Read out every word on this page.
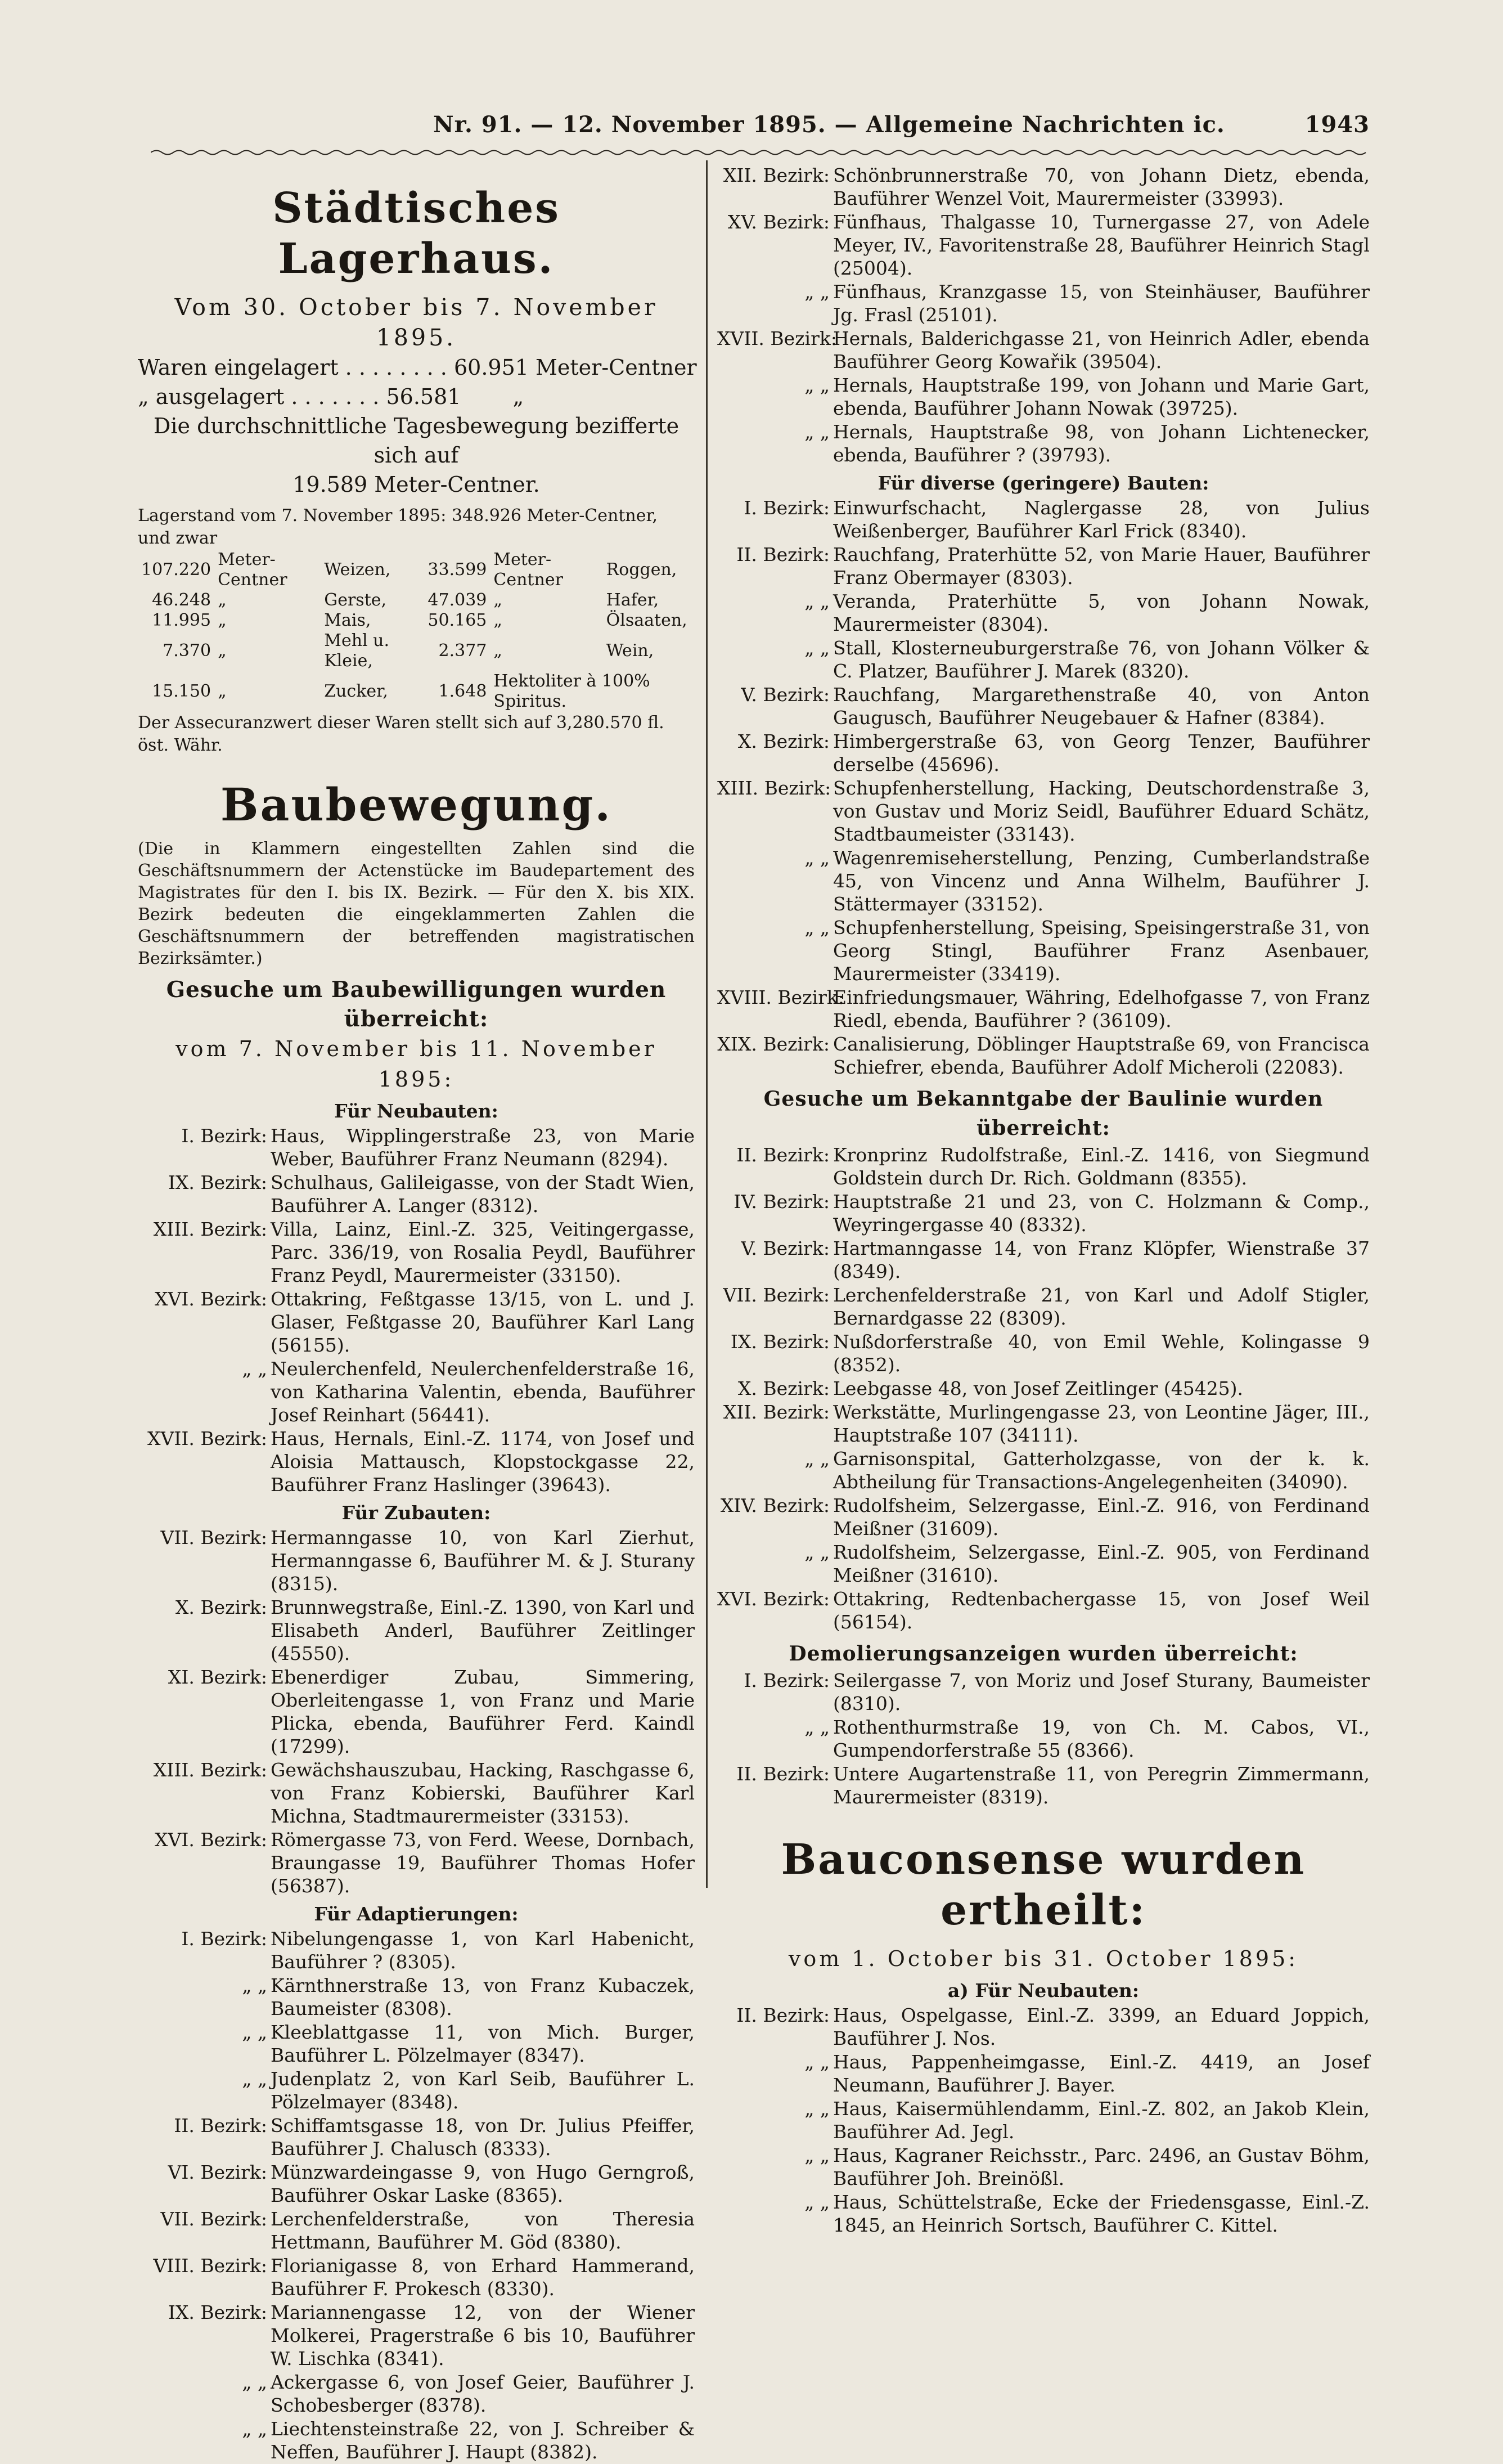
Nr. 91. — 12. November 1895. — Allgemeine Nachrichten ic.	1943
Städtisches Lagerhaus.
Vom 30. October bis 7. November 1895.
Waren eingelagert . . . . . . . . 60.951 Meter-Centner
„ ausgelagert . . . . . . . 56.581 „
Die durchschnittliche Tagesbewegung bezifferte sich auf
19.589 Meter-Centner.
Lagerstand vom 7. November 1895: 348.926 Meter-Centner, und zwar
107.220	Meter-Centner	Weizen,	33.599	Meter-Centner	Roggen,
46.248	„	Gerste,	47.039	„	Hafer,
11.995	„	Mais,	50.165	„	Ölsaaten,
7.370	„	Mehl u. Kleie,	2.377	„	Wein,
15.150	„	Zucker,	1.648	Hektoliter à 100% Spiritus.	
Der Assecuranzwert dieser Waren stellt sich auf 3,280.570 fl. öst. Währ.
Baubewegung.
(Die in Klammern eingestellten Zahlen sind die Geschäftsnummern der Actenstücke im Baudepartement des Magistrates für den I. bis IX. Bezirk. — Für den X. bis XIX. Bezirk bedeuten die eingeklammerten Zahlen die Geschäftsnummern der betreffenden magistratischen Bezirksämter.)
Gesuche um Baubewilligungen wurden überreicht:
vom 7. November bis 11. November 1895:
Für Neubauten:
I. Bezirk: Haus, Wipplingerstraße 23, von Marie Weber, Bauführer Franz Neumann (8294).
IX. Bezirk: Schulhaus, Galileigasse, von der Stadt Wien, Bauführer A. Langer (8312).
XIII. Bezirk: Villa, Lainz, Einl.-Z. 325, Veitingergasse, Parc. 336/19, von Rosalia Peydl, Bauführer Franz Peydl, Maurermeister (33150).
XVI. Bezirk: Ottakring, Feßtgasse 13/15, von L. und J. Glaser, Feßtgasse 20, Bauführer Karl Lang (56155).
„ „ Neulerchenfeld, Neulerchenfelderstraße 16, von Katharina Valentin, ebenda, Bauführer Josef Reinhart (56441).
XVII. Bezirk: Haus, Hernals, Einl.-Z. 1174, von Josef und Aloisia Mattausch, Klopstockgasse 22, Bauführer Franz Haslinger (39643).
Für Zubauten:
VII. Bezirk: Hermanngasse 10, von Karl Zierhut, Hermanngasse 6, Bauführer M. & J. Sturany (8315).
X. Bezirk: Brunnwegstraße, Einl.-Z. 1390, von Karl und Elisabeth Anderl, Bauführer Zeitlinger (45550).
XI. Bezirk: Ebenerdiger Zubau, Simmering, Oberleitengasse 1, von Franz und Marie Plicka, ebenda, Bauführer Ferd. Kaindl (17299).
XIII. Bezirk: Gewächshauszubau, Hacking, Raschgasse 6, von Franz Kobierski, Bauführer Karl Michna, Stadtmaurermeister (33153).
XVI. Bezirk: Römergasse 73, von Ferd. Weese, Dornbach, Braungasse 19, Bauführer Thomas Hofer (56387).
Für Adaptierungen:
I. Bezirk: Nibelungengasse 1, von Karl Habenicht, Bauführer ? (8305).
„ „ Kärnthnerstraße 13, von Franz Kubaczek, Baumeister (8308).
„ „ Kleeblattgasse 11, von Mich. Burger, Bauführer L. Pölzelmayer (8347).
„ „ Judenplatz 2, von Karl Seib, Bauführer L. Pölzelmayer (8348).
II. Bezirk: Schiffamtsgasse 18, von Dr. Julius Pfeiffer, Bauführer J. Chalusch (8333).
VI. Bezirk: Münzwardeingasse 9, von Hugo Gerngroß, Bauführer Oskar Laske (8365).
VII. Bezirk: Lerchenfelderstraße, von Theresia Hettmann, Bauführer M. Göd (8380).
VIII. Bezirk: Florianigasse 8, von Erhard Hammerand, Bauführer F. Prokesch (8330).
IX. Bezirk: Mariannengasse 12, von der Wiener Molkerei, Pragerstraße 6 bis 10, Bauführer W. Lischka (8341).
„ „ Ackergasse 6, von Josef Geier, Bauführer J. Schobesberger (8378).
„ „ Liechtensteinstraße 22, von J. Schreiber & Neffen, Bauführer J. Haupt (8382).
XII. Bezirk: Schönbrunnerstraße 70, von Johann Dietz, ebenda, Bauführer Wenzel Voit, Maurermeister (33993).
XV. Bezirk: Fünfhaus, Thalgasse 10, Turnergasse 27, von Adele Meyer, IV., Favoritenstraße 28, Bauführer Heinrich Stagl (25004).
„ „ Fünfhaus, Kranzgasse 15, von Steinhäuser, Bauführer Jg. Frasl (25101).
XVII. Bezirk:
Hernals, Balderichgasse 21, von Heinrich Adler, ebenda Bauführer Georg Kowařik (39504).
„ „ Hernals, Hauptstraße 199, von Johann und Marie Gart, ebenda, Bauführer Johann Nowak (39725).
„ „ Hernals, Hauptstraße 98, von Johann Lichtenecker, ebenda, Bauführer ? (39793).
Für diverse (geringere) Bauten:
I. Bezirk: Einwurfschacht, Naglergasse 28, von Julius Weißenberger, Bauführer Karl Frick (8340).
II. Bezirk: Rauchfang, Praterhütte 52, von Marie Hauer, Bauführer Franz Obermayer (8303).
„ „ Veranda, Praterhütte 5, von Johann Nowak, Maurermeister (8304).
„ „ Stall, Klosterneuburgerstraße 76, von Johann Völker & C. Platzer, Bauführer J. Marek (8320).
V. Bezirk: Rauchfang, Margarethenstraße 40, von Anton Gaugusch, Bauführer Neugebauer & Hafner (8384).
X. Bezirk: Himbergerstraße 63, von Georg Tenzer, Bauführer derselbe (45696).
XIII. Bezirk: Schupfenherstellung, Hacking, Deutschordenstraße 3, von Gustav und Moriz Seidl, Bauführer Eduard Schätz, Stadtbaumeister (33143).
„ „ Wagenremiseherstellung, Penzing, Cumberlandstraße 45, von Vincenz und Anna Wilhelm, Bauführer J. Stättermayer (33152).
„ „ Schupfenherstellung, Speising, Speisingerstraße 31, von Georg Stingl, Bauführer Franz Asenbauer, Maurermeister (33419).
XVIII. Bezirk:
Einfriedungsmauer, Währing, Edelhofgasse 7, von Franz Riedl, ebenda, Bauführer ? (36109).
XIX. Bezirk: Canalisierung, Döblinger Hauptstraße 69, von Francisca Schiefrer, ebenda, Bauführer Adolf Micheroli (22083).
Gesuche um Bekanntgabe der Baulinie wurden überreicht:
II. Bezirk: Kronprinz Rudolfstraße, Einl.-Z. 1416, von Siegmund Goldstein durch Dr. Rich. Goldmann (8355).
IV. Bezirk: Hauptstraße 21 und 23, von C. Holzmann & Comp., Weyringergasse 40 (8332).
V. Bezirk: Hartmanngasse 14, von Franz Klöpfer, Wienstraße 37 (8349).
VII. Bezirk: Lerchenfelderstraße 21, von Karl und Adolf Stigler, Bernardgasse 22 (8309).
IX. Bezirk: Nußdorferstraße 40, von Emil Wehle, Kolingasse 9 (8352).
X. Bezirk: Leebgasse 48, von Josef Zeitlinger (45425).
XII. Bezirk: Werkstätte, Murlingengasse 23, von Leontine Jäger, III., Hauptstraße 107 (34111).
„ „ Garnisonspital, Gatterholzgasse, von der k. k. Abtheilung für Transactions-Angelegenheiten (34090).
XIV. Bezirk: Rudolfsheim, Selzergasse, Einl.-Z. 916, von Ferdinand Meißner (31609).
„ „ Rudolfsheim, Selzergasse, Einl.-Z. 905, von Ferdinand Meißner (31610).
XVI. Bezirk: Ottakring, Redtenbachergasse 15, von Josef Weil (56154).
Demolierungsanzeigen wurden überreicht:
I. Bezirk: Seilergasse 7, von Moriz und Josef Sturany, Baumeister (8310).
„ „ Rothenthurmstraße 19, von Ch. M. Cabos, VI., Gumpendorferstraße 55 (8366).
II. Bezirk: Untere Augartenstraße 11, von Peregrin Zimmermann, Maurermeister (8319).
Bauconsense wurden ertheilt:
vom 1. October bis 31. October 1895:
a) Für Neubauten:
II. Bezirk: Haus, Ospelgasse, Einl.-Z. 3399, an Eduard Joppich, Bauführer J. Nos.
„ „ Haus, Pappenheimgasse, Einl.-Z. 4419, an Josef Neumann, Bauführer J. Bayer.
„ „ Haus, Kaisermühlendamm, Einl.-Z. 802, an Jakob Klein, Bauführer Ad. Jegl.
„ „ Haus, Kagraner Reichsstr., Parc. 2496, an Gustav Böhm, Bauführer Joh. Breinößl.
„ „ Haus, Schüttelstraße, Ecke der Friedensgasse, Einl.-Z. 1845, an Heinrich Sortsch, Bauführer C. Kittel.
